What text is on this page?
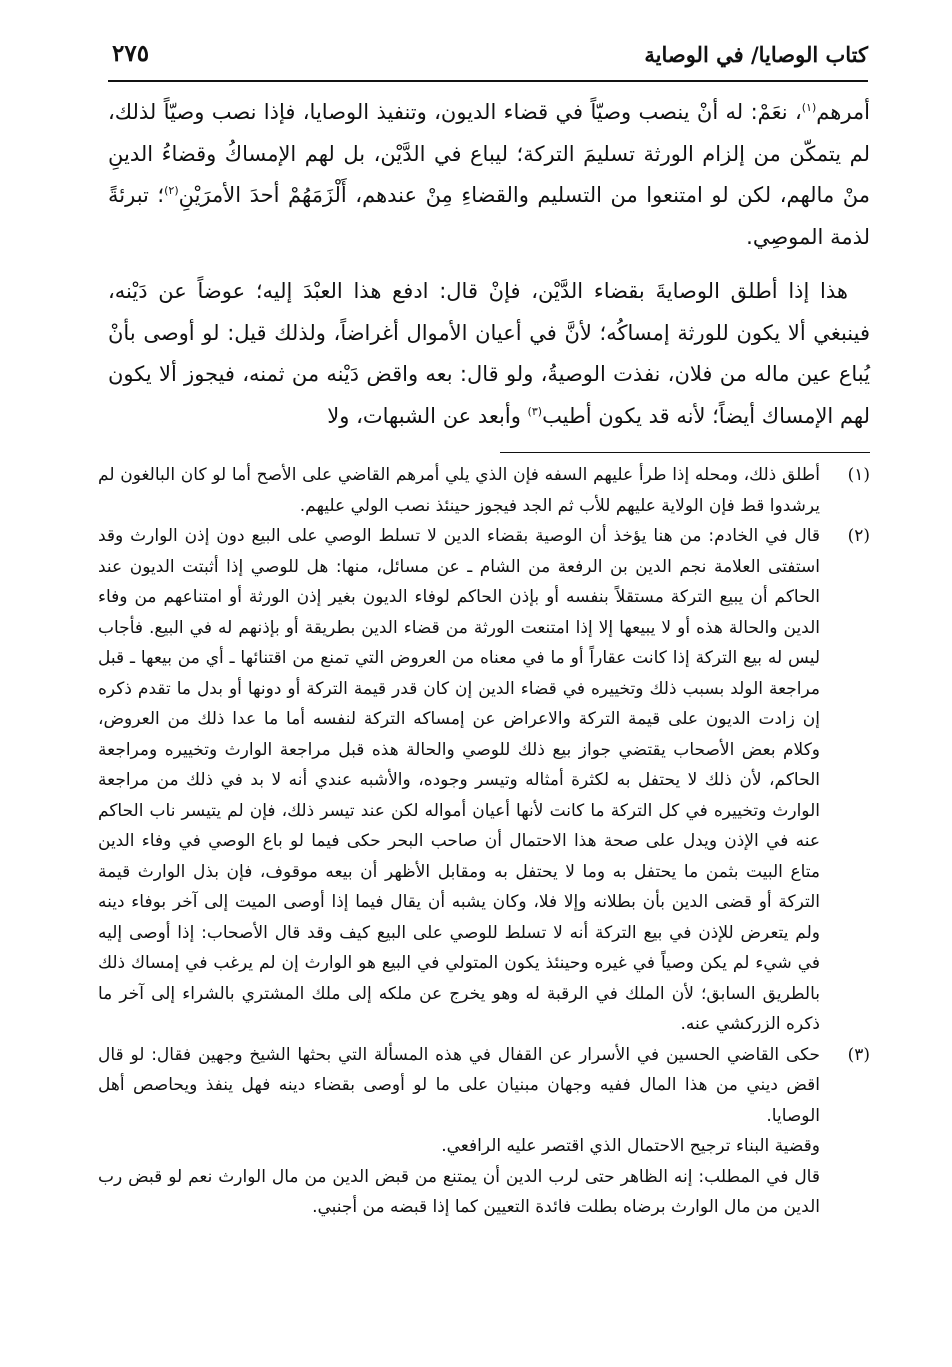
كتاب الوصايا/ في الوصاية
٢٧٥

أمرهم$^{(١)}$، نعَمْ: له أنْ ينصب وصيّاً في قضاء الديون، وتنفيذ الوصايا، فإذا نصب وصيّاً لذلك، لم يتمكّن من إلزام الورثة تسليمَ التركة؛ ليباع في الدَّيْن، بل لهم الإمساكُ وقضاءُ الدينِ منْ مالهم، لكن لو امتنعوا من التسليم والقضاءِ مِنْ عندهم، أَلْزَمَهُمْ أحدَ الأمرَيْنِ$^{(٢)}$؛ تبرئةً لذمة الموصِي.

هذا إذا أطلق الوصايةَ بقضاء الدَّيْن، فإنْ قال: ادفع هذا العبْدَ إليه؛ عوضاً عن دَيْنه، فينبغي ألا يكون للورثة إمساكُه؛ لأنَّ في أعيان الأموال أغراضاً، ولذلك قيل: لو أوصى بأنْ يُباع عين ماله من فلان، نفذت الوصيةُ، ولو قال: بعه واقض دَيْنه من ثمنه، فيجوز ألا يكون لهم الإمساك أيضاً؛ لأنه قد يكون أطيب$^{(٣)}$ وأبعد عن الشبهات، ولا

(١)
أطلق ذلك، ومحله إذا طرأ عليهم السفه فإن الذي يلي أمرهم القاضي على الأصح أما لو كان البالغون لم يرشدوا قط فإن الولاية عليهم للأب ثم الجد فيجوز حينئذ نصب الولي عليهم.
(٢)
قال في الخادم: من هنا يؤخذ أن الوصية بقضاء الدين لا تسلط الوصي على البيع دون إذن الوارث وقد استفتى العلامة نجم الدين بن الرفعة من الشام ـ عن مسائل، منها: هل للوصي إذا أثبتت الديون عند الحاكم أن يبيع التركة مستقلاً بنفسه أو بإذن الحاكم لوفاء الديون بغير إذن الورثة أو امتناعهم من وفاء الدين والحالة هذه أو لا يبيعها إلا إذا امتنعت الورثة من قضاء الدين بطريقة أو بإذنهم له في البيع. فأجاب ليس له بيع التركة إذا كانت عقاراً أو ما في معناه من العروض التي تمنع من اقتنائها ـ أي من بيعها ـ قبل مراجعة الولد بسبب ذلك وتخييره في قضاء الدين إن كان قدر قيمة التركة أو دونها أو بدل ما تقدم ذكره إن زادت الديون على قيمة التركة والاعراض عن إمساكه التركة لنفسه أما ما عدا ذلك من العروض، وكلام بعض الأصحاب يقتضي جواز بيع ذلك للوصي والحالة هذه قبل مراجعة الوارث وتخييره ومراجعة الحاكم، لأن ذلك لا يحتفل به لكثرة أمثاله وتيسر وجوده، والأشبه عندي أنه لا بد في ذلك من مراجعة الوارث وتخييره في كل التركة ما كانت لأنها أعيان أمواله لكن عند تيسر ذلك، فإن لم يتيسر ناب الحاكم عنه في الإذن ويدل على صحة هذا الاحتمال أن صاحب البحر حكى فيما لو باع الوصي في وفاء الدين متاع البيت بثمن ما يحتفل به وما لا يحتفل به ومقابل الأظهر أن بيعه موقوف، فإن بذل الوارث قيمة التركة أو قضى الدين بأن بطلانه وإلا فلا، وكان يشبه أن يقال فيما إذا أوصى الميت إلى آخر بوفاء دينه ولم يتعرض للإذن في بيع التركة أنه لا تسلط للوصي على البيع كيف وقد قال الأصحاب: إذا أوصى إليه في شيء لم يكن وصياً في غيره وحينئذ يكون المتولي في البيع هو الوارث إن لم يرغب في إمساك ذلك بالطريق السابق؛ لأن الملك في الرقبة له وهو يخرج عن ملكه إلى ملك المشتري بالشراء إلى آخر ما ذكره الزركشي عنه.
(٣)
حكى القاضي الحسين في الأسرار عن القفال في هذه المسألة التي بحثها الشيخ وجهين فقال: لو قال اقض ديني من هذا المال ففيه وجهان مبنيان على ما لو أوصى بقضاء دينه فهل ينفذ ويحاصص أهل الوصايا.

وقضية البناء ترجيح الاحتمال الذي اقتصر عليه الرافعي.

قال في المطلب: إنه الظاهر حتى لرب الدين أن يمتنع من قبض الدين من مال الوارث نعم لو قبض رب الدين من مال الوارث برضاه بطلت فائدة التعيين كما إذا قبضه من أجنبي.
